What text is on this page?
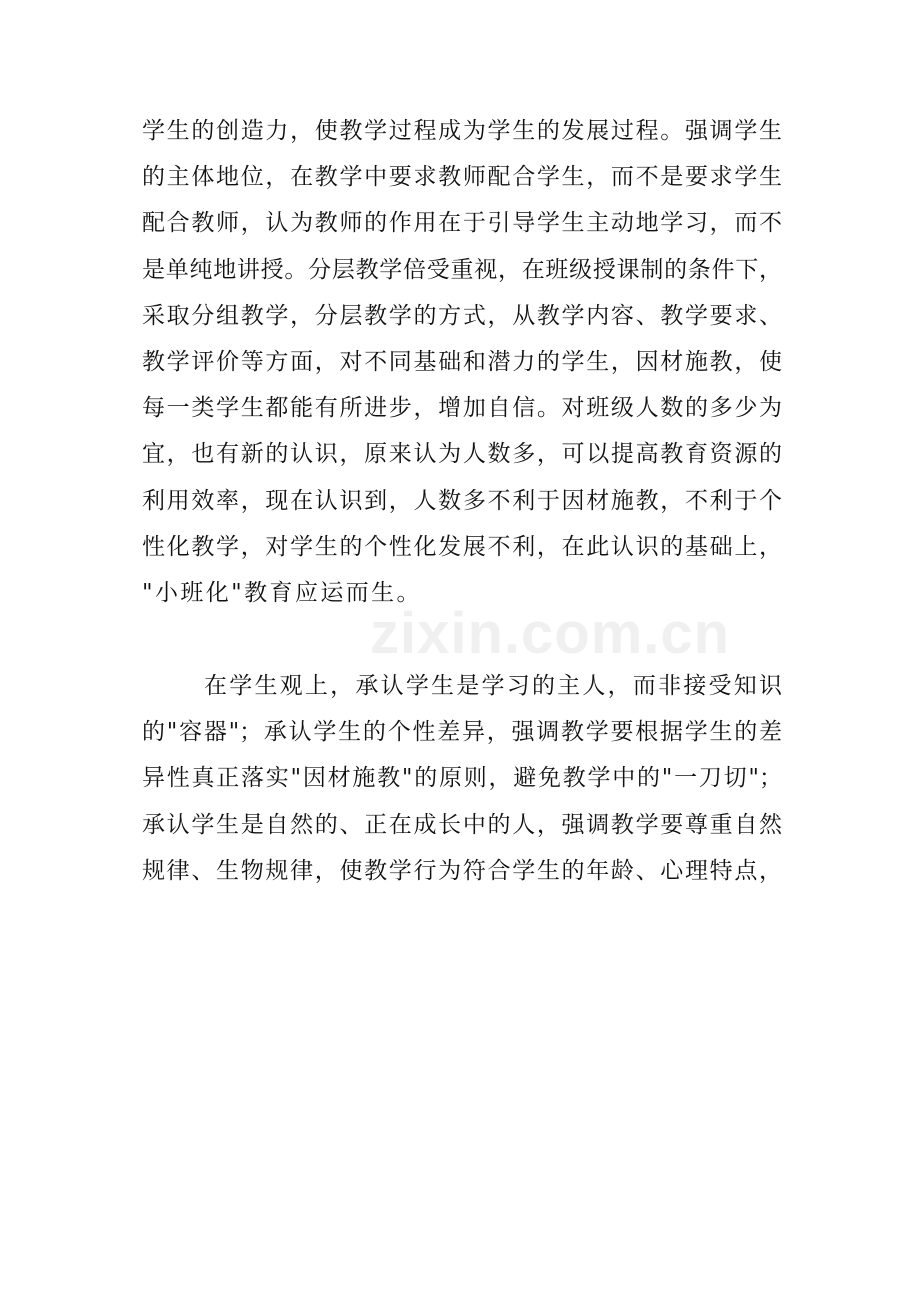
学生的创造力，使教学过程成为学生的发展过程。强调学生
的主体地位，在教学中要求教师配合学生，而不是要求学生
配合教师，认为教师的作用在于引导学生主动地学习，而不
是单纯地讲授。分层教学倍受重视，在班级授课制的条件下，
采取分组教学，分层教学的方式，从教学内容、教学要求、
教学评价等方面，对不同基础和潜力的学生，因材施教，使
每一类学生都能有所进步，增加自信。对班级人数的多少为
宜，也有新的认识，原来认为人数多，可以提高教育资源的
利用效率，现在认识到，人数多不利于因材施教，不利于个
性化教学，对学生的个性化发展不利，在此认识的基础上，
"小班化"教育应运而生。
在学生观上，承认学生是学习的主人，而非接受知识
的"容器"；承认学生的个性差异，强调教学要根据学生的差
异性真正落实"因材施教"的原则，避免教学中的"一刀切"；
承认学生是自然的、正在成长中的人，强调教学要尊重自然
规律、生物规律，使教学行为符合学生的年龄、心理特点，
zixin.com.cn
